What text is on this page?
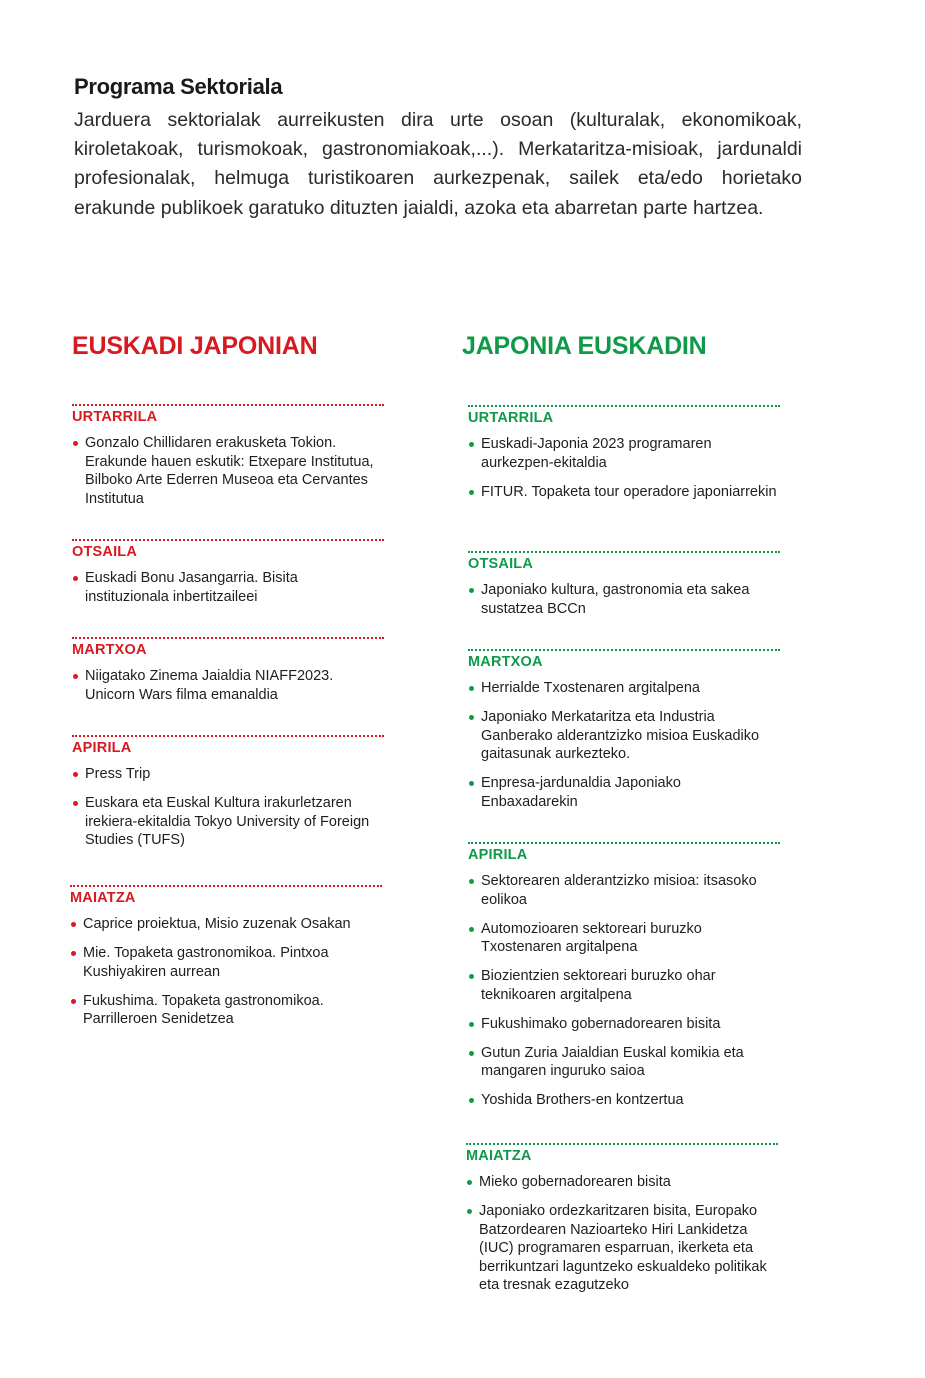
Programa Sektoriala

Jarduera sektorialak aurreikusten dira urte osoan (kulturalak, ekonomikoak, kiroletakoak, turismokoak, gastronomiakoak,...). Merkataritza-misioak, jardunaldi profesionalak, helmuga turistikoaren aurkezpenak, sailek eta/edo horietako erakunde publikoek garatuko dituzten jaialdi, azoka eta abarretan parte hartzea.

EUSKADI JAPONIAN
URTARRILA
Gonzalo Chillidaren erakusketa Tokion. Erakunde hauen eskutik: Etxepare Institutua, Bilboko Arte Ederren Museoa eta Cervantes Institutua
OTSAILA
Euskadi Bonu Jasangarria. Bisita instituzionala inbertitzaileei
MARTXOA
Niigatako Zinema Jaialdia NIAFF2023. Unicorn Wars filma emanaldia
APIRILA
Press Trip
Euskara eta Euskal Kultura irakurletzaren irekiera-ekitaldia Tokyo University of Foreign Studies (TUFS)
MAIATZA
Caprice proiektua, Misio zuzenak Osakan
Mie. Topaketa gastronomikoa. Pintxoa Kushiyakiren aurrean
Fukushima. Topaketa gastronomikoa. Parrilleroen Senidetzea
JAPONIA EUSKADIN
URTARRILA
Euskadi-Japonia 2023 programaren aurkezpen-ekitaldia
FITUR. Topaketa tour operadore japoniarrekin
OTSAILA
Japoniako kultura, gastronomia eta sakea sustatzea BCCn
MARTXOA
Herrialde Txostenaren argitalpena
Japoniako Merkataritza eta Industria Ganberako alderantzizko misioa Euskadiko gaitasunak aurkezteko.
Enpresa-jardunaldia Japoniako Enbaxadarekin
APIRILA
Sektorearen alderantzizko misioa: itsasoko eolikoa
Automozioaren sektoreari buruzko Txostenaren argitalpena
Biozientzien sektoreari buruzko ohar teknikoaren argitalpena
Fukushimako gobernadorearen bisita
Gutun Zuria Jaialdian Euskal komikia eta mangaren inguruko saioa
Yoshida Brothers-en kontzertua
MAIATZA
Mieko gobernadorearen bisita
Japoniako ordezkaritzaren bisita, Europako Batzordearen Nazioarteko Hiri Lankidetza (IUC) programaren esparruan, ikerketa eta berrikuntzari laguntzeko eskualdeko politikak eta tresnak ezagutzeko
